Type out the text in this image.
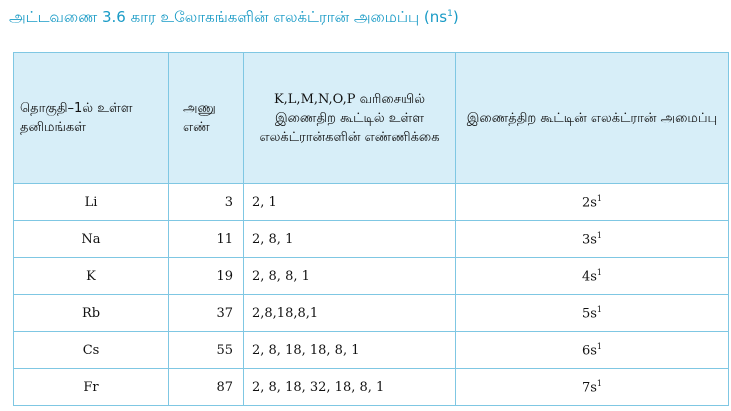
அட்டவணை 3.6 கார உலோகங்களின் எலக்ட்ரான் அமைப்பு $(ns^1)$
தொகுதி–1ல் உள்ள தனிமங்கள்	அணு எண்	K,L,M,N,O,P வரிசையில் இணைதிற கூட்டில் உள்ள எலக்ட்ரான்களின் எண்ணிக்கை	இணைத்திற கூட்டின் எலக்ட்ரான் அமைப்பு
Li	3	2, 1	$2s^1$
Na	11	2, 8, 1	$3s^1$
K	19	2, 8, 8, 1	$4s^1$
Rb	37	2,8,18,8,1	$5s^1$
Cs	55	2, 8, 18, 18, 8, 1	$6s^1$
Fr	87	2, 8, 18, 32, 18, 8, 1	$7s^1$
